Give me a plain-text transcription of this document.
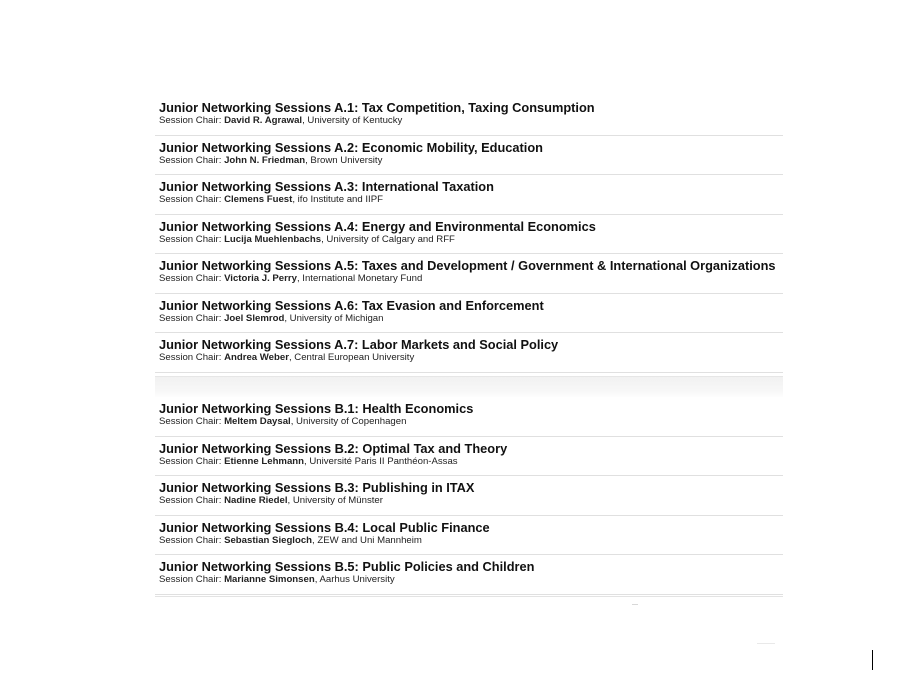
Junior Networking Sessions A.1: Tax Competition, Taxing Consumption
Session Chair: David R. Agrawal, University of Kentucky
Junior Networking Sessions A.2: Economic Mobility, Education
Session Chair: John N. Friedman, Brown University
Junior Networking Sessions A.3: International Taxation
Session Chair: Clemens Fuest, ifo Institute and IIPF
Junior Networking Sessions A.4: Energy and Environmental Economics
Session Chair: Lucija Muehlenbachs, University of Calgary and RFF
Junior Networking Sessions A.5: Taxes and Development / Government & International Organizations
Session Chair: Victoria J. Perry, International Monetary Fund
Junior Networking Sessions A.6: Tax Evasion and Enforcement
Session Chair: Joel Slemrod, University of Michigan
Junior Networking Sessions A.7: Labor Markets and Social Policy
Session Chair: Andrea Weber, Central European University
Junior Networking Sessions B.1: Health Economics
Session Chair: Meltem Daysal, University of Copenhagen
Junior Networking Sessions B.2: Optimal Tax and Theory
Session Chair: Etienne Lehmann, Université Paris II Panthéon-Assas
Junior Networking Sessions B.3: Publishing in ITAX
Session Chair: Nadine Riedel, University of Münster
Junior Networking Sessions B.4: Local Public Finance
Session Chair: Sebastian Siegloch, ZEW and Uni Mannheim
Junior Networking Sessions B.5: Public Policies and Children
Session Chair: Marianne Simonsen, Aarhus University
